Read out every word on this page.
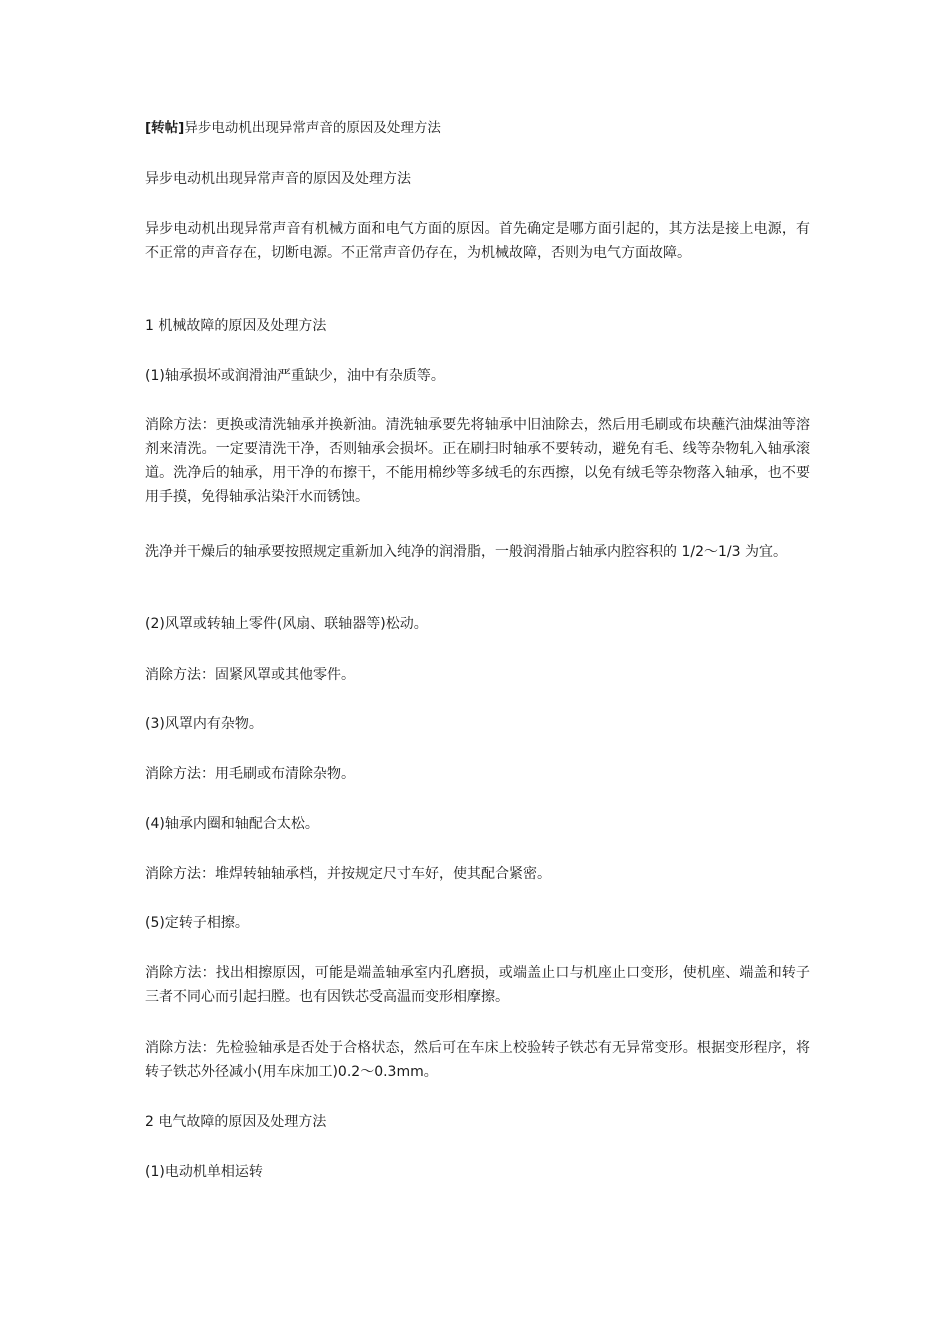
[转帖]异步电动机出现异常声音的原因及处理方法

异步电动机出现异常声音的原因及处理方法

异步电动机出现异常声音有机械方面和电气方面的原因。首先确定是哪方面引起的，其方法是接上电源，有不正常的声音存在，切断电源。不正常声音仍存在，为机械故障，否则为电气方面故障。

1 机械故障的原因及处理方法

(1)轴承损坏或润滑油严重缺少，油中有杂质等。

消除方法：更换或清洗轴承并换新油。清洗轴承要先将轴承中旧油除去，然后用毛刷或布块蘸汽油煤油等溶剂来清洗。一定要清洗干净，否则轴承会损坏。正在刷扫时轴承不要转动，避免有毛、线等杂物轧入轴承滚道。洗净后的轴承，用干净的布擦干，不能用棉纱等多绒毛的东西擦，以免有绒毛等杂物落入轴承，也不要用手摸，免得轴承沾染汗水而锈蚀。

洗净并干燥后的轴承要按照规定重新加入纯净的润滑脂，一般润滑脂占轴承内腔容积的 1/2～1/3 为宜。

(2)风罩或转轴上零件(风扇、联轴器等)松动。

消除方法：固紧风罩或其他零件。

(3)风罩内有杂物。

消除方法：用毛刷或布清除杂物。

(4)轴承内圈和轴配合太松。

消除方法：堆焊转轴轴承档，并按规定尺寸车好，使其配合紧密。

(5)定转子相擦。

消除方法：找出相擦原因，可能是端盖轴承室内孔磨损，或端盖止口与机座止口变形，使机座、端盖和转子三者不同心而引起扫膛。也有因铁芯受高温而变形相摩擦。

消除方法：先检验轴承是否处于合格状态，然后可在车床上校验转子铁芯有无异常变形。根据变形程序，将转子铁芯外径减小(用车床加工)0.2～0.3mm。

2 电气故障的原因及处理方法

(1)电动机单相运转
